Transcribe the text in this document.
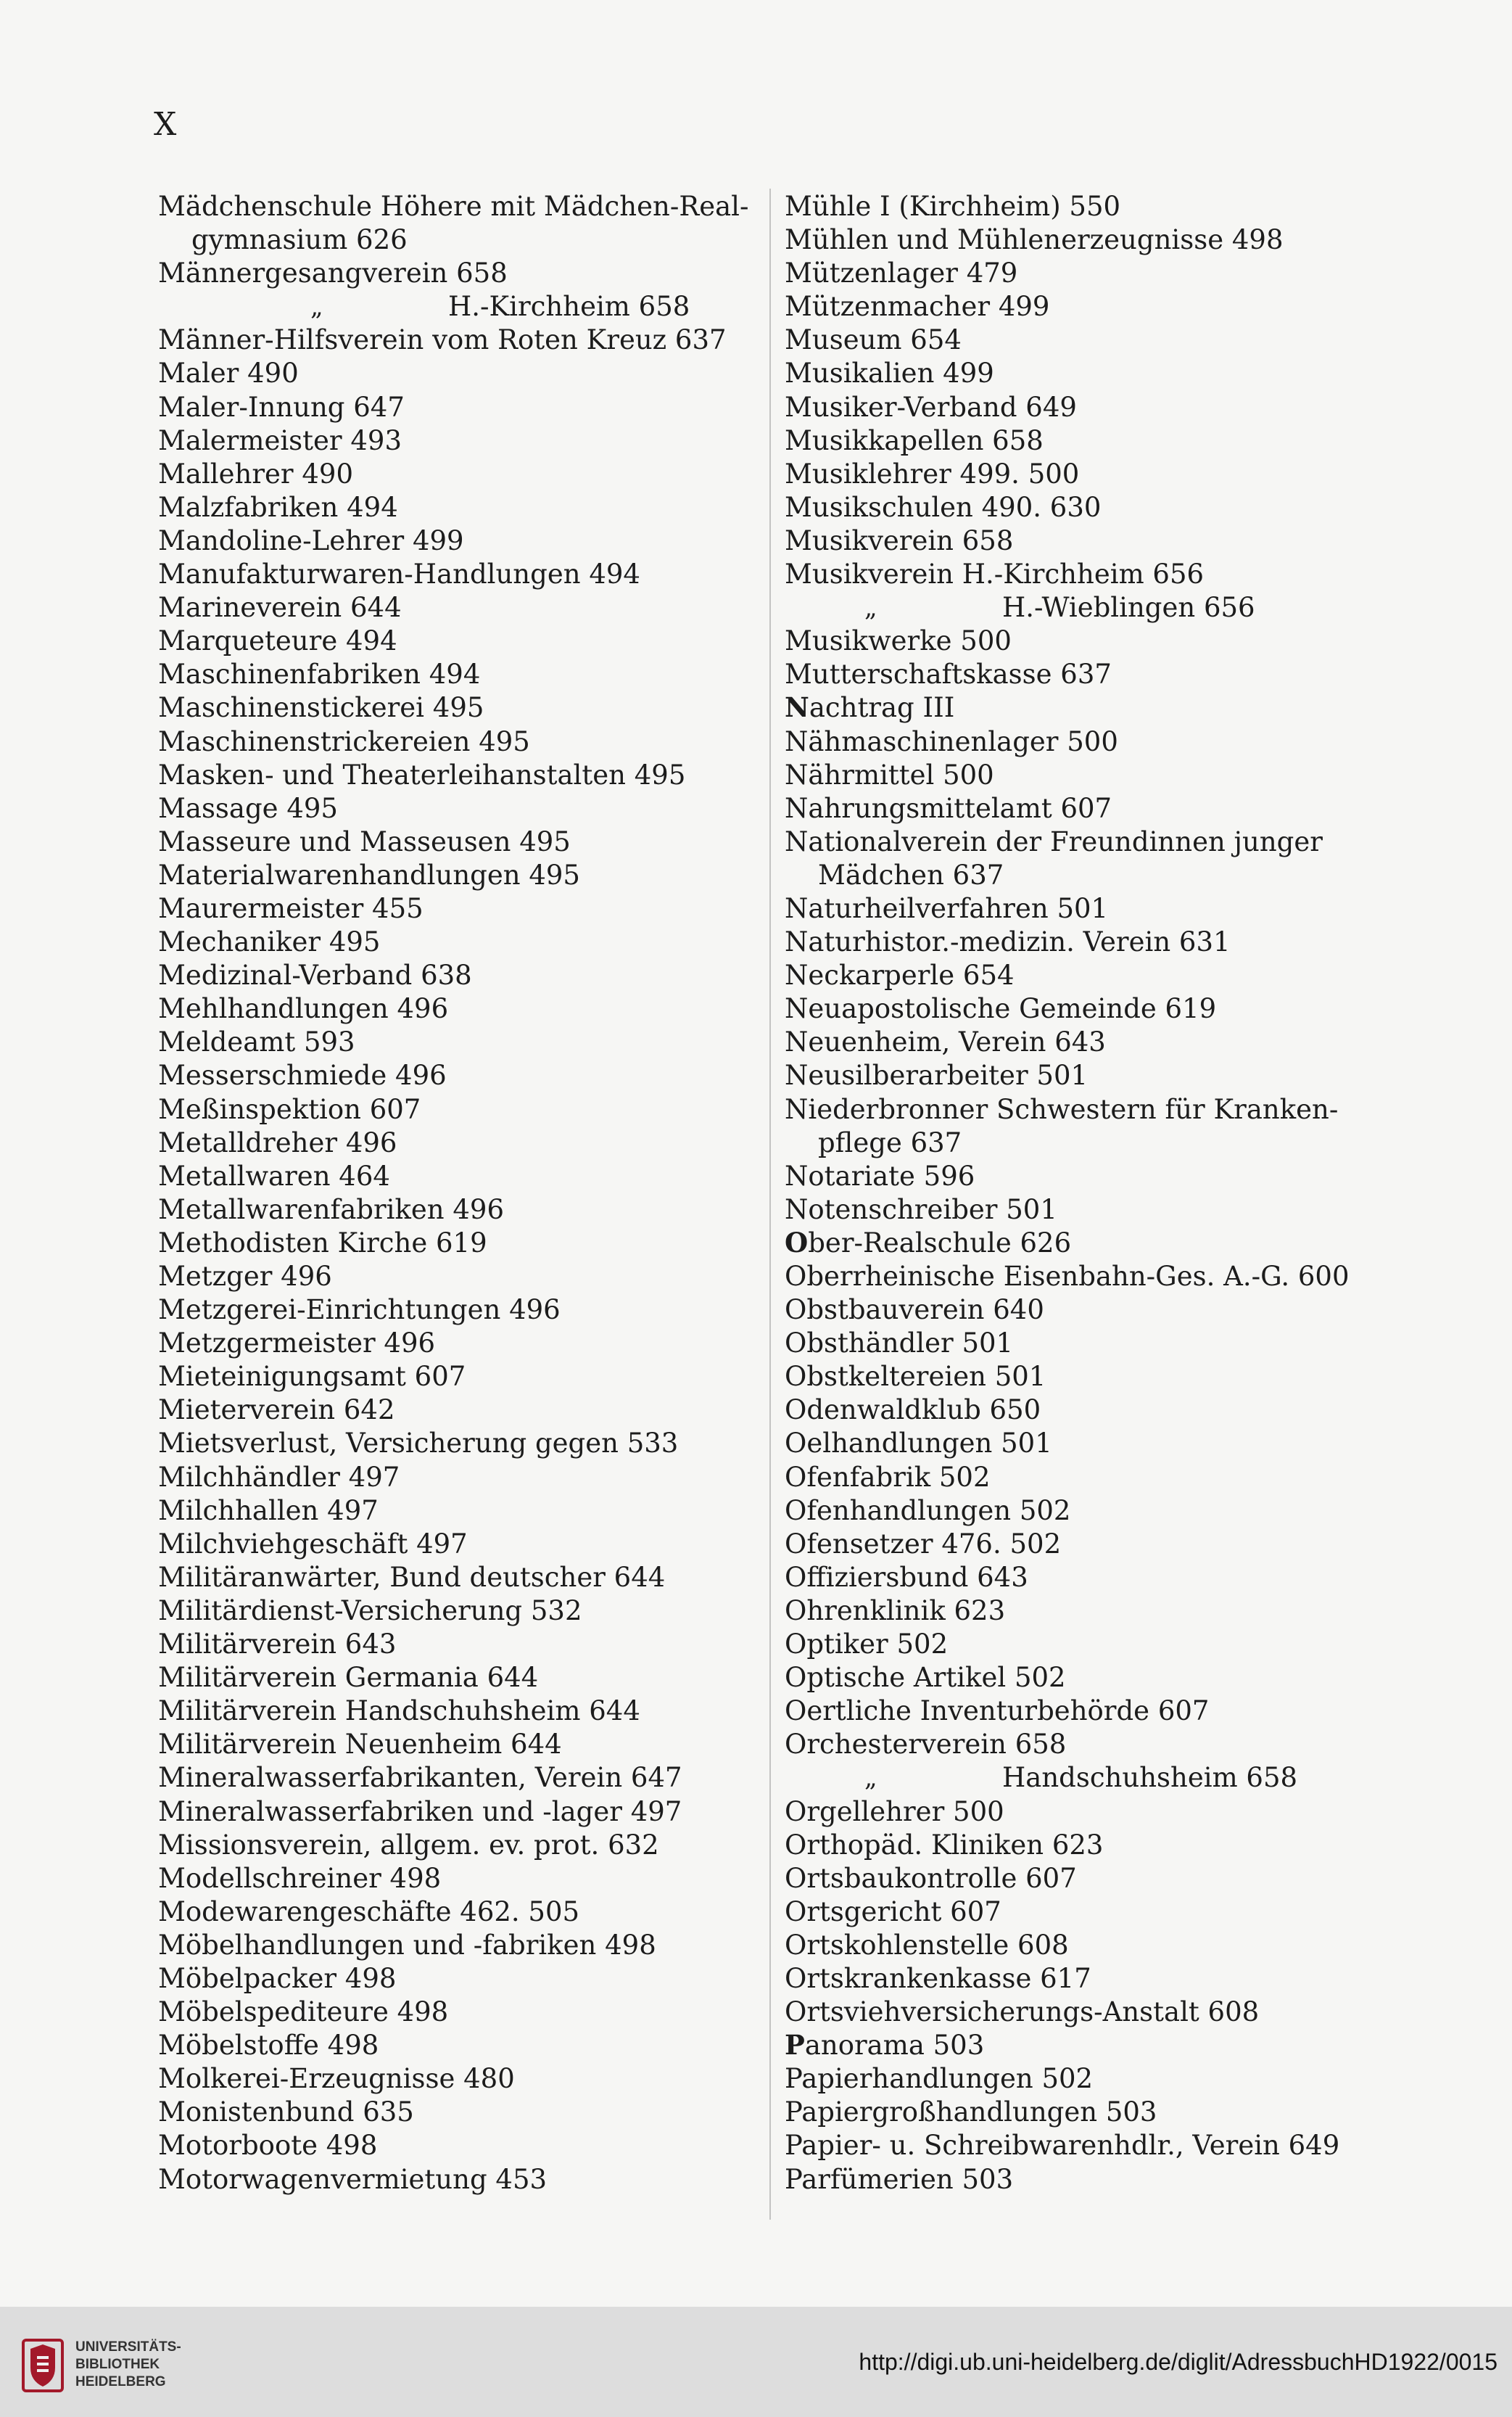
X
Mädchenschule Höhere mit Mädchen-Real-
gymnasium 626
Männergesangverein 658
„	H.-Kirchheim 658
Männer-Hilfsverein vom Roten Kreuz 637
Maler 490
Maler-Innung 647
Malermeister 493
Mallehrer 490
Malzfabriken 494
Mandoline-Lehrer 499
Manufakturwaren-Handlungen 494
Marineverein 644
Marqueteure 494
Maschinenfabriken 494
Maschinenstickerei 495
Maschinenstrickereien 495
Masken- und Theaterleihanstalten 495
Massage 495
Masseure und Masseusen 495
Materialwarenhandlungen 495
Maurermeister 455
Mechaniker 495
Medizinal-Verband 638
Mehlhandlungen 496
Meldeamt 593
Messerschmiede 496
Meßinspektion 607
Metalldreher 496
Metallwaren 464
Metallwarenfabriken 496
Methodisten Kirche 619
Metzger 496
Metzgerei-Einrichtungen 496
Metzgermeister 496
Mieteinigungsamt 607
Mieterverein 642
Mietsverlust, Versicherung gegen 533
Milchhändler 497
Milchhallen 497
Milchviehgeschäft 497
Militäranwärter, Bund deutscher 644
Militärdienst-Versicherung 532
Militärverein 643
Militärverein Germania 644
Militärverein Handschuhsheim 644
Militärverein Neuenheim 644
Mineralwasserfabrikanten, Verein 647
Mineralwasserfabriken und -lager 497
Missionsverein, allgem. ev. prot. 632
Modellschreiner 498
Modewarengeschäfte 462. 505
Möbelhandlungen und -fabriken 498
Möbelpacker 498
Möbelspediteure 498
Möbelstoffe 498
Molkerei-Erzeugnisse 480
Monistenbund 635
Motorboote 498
Motorwagenvermietung 453
Mühle I (Kirchheim) 550
Mühlen und Mühlenerzeugnisse 498
Mützenlager 479
Mützenmacher 499
Museum 654
Musikalien 499
Musiker-Verband 649
Musikkapellen 658
Musiklehrer 499. 500
Musikschulen 490. 630
Musikverein 658
Musikverein H.-Kirchheim 656
„	H.-Wieblingen 656
Musikwerke 500
Mutterschaftskasse 637
Nachtrag III
Nähmaschinenlager 500
Nährmittel 500
Nahrungsmittelamt 607
Nationalverein der Freundinnen junger
Mädchen 637
Naturheilverfahren 501
Naturhistor.-medizin. Verein 631
Neckarperle 654
Neuapostolische Gemeinde 619
Neuenheim, Verein 643
Neusilberarbeiter 501
Niederbronner Schwestern für Kranken-
pflege 637
Notariate 596
Notenschreiber 501
Ober-Realschule 626
Oberrheinische Eisenbahn-Ges. A.-G. 600
Obstbauverein 640
Obsthändler 501
Obstkeltereien 501
Odenwaldklub 650
Oelhandlungen 501
Ofenfabrik 502
Ofenhandlungen 502
Ofensetzer 476. 502
Offiziersbund 643
Ohrenklinik 623
Optiker 502
Optische Artikel 502
Oertliche Inventurbehörde 607
Orchesterverein 658
„	Handschuhsheim 658
Orgellehrer 500
Orthopäd. Kliniken 623
Ortsbaukontrolle 607
Ortsgericht 607
Ortskohlenstelle 608
Ortskrankenkasse 617
Ortsviehversicherungs-Anstalt 608
Panorama 503
Papierhandlungen 502
Papiergroßhandlungen 503
Papier- u. Schreibwarenhdlr., Verein 649
Parfümerien 503
UNIVERSITÄTS-
BIBLIOTHEK
HEIDELBERG
http://digi.ub.uni-heidelberg.de/diglit/AdressbuchHD1922/0015
